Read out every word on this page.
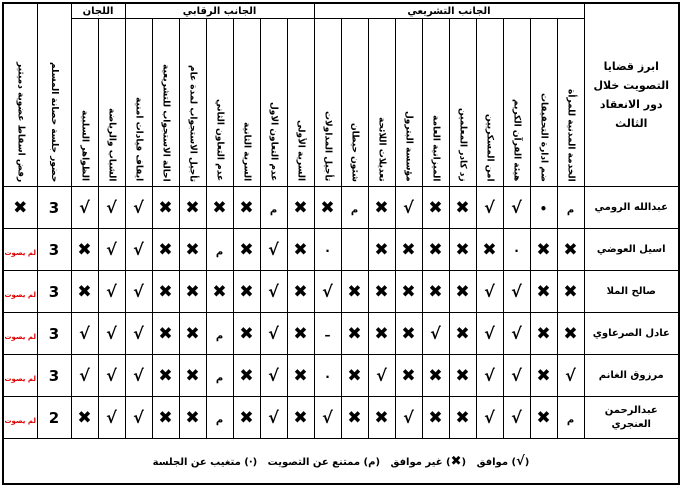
ابرز قضايا التصويت خلال دور الانعقاد الثالث	الجانب التشريعي										الجانب الرقابي							اللجان		حضور جلسة حصانة المسلم	رفض اسقاط عضوية دميثير
	الخدمة المدنية للمرأة	ضم ادارة التحقيقات	هيئة القرآن الكريم	امن المسكريين	زد كادر المعلمين	الميزانية العامة	مؤسسة البترول	تعديلات اللائحة	شئون حيطان	تأجيل المداولات	السرية الأولى	عدم التعاون الاول	السرية الثانية	عدم التعاون الثاني	تأجيل الاستجواب لمدة عام	احالة الاستجواب للتشريعية	ايقاف قيادات امنية	الشباب والرياضة	الظواهر السلبية		
عبدالله الرومي	م	•	√	√	✖	✖	√	✖	م	✖	✖	م	✖	✖	✖	✖	√	√	√	3	✖
اسيل العوضي	✖	✖	·	✖	✖	✖	✖	✖		·	✖	√	✖	م	✖	✖	√	√	✖	3	لم يصوت
صالح الملا	✖	✖	√	√	✖	✖	✖	✖	✖	√	✖	√	✖	✖	✖	✖	√	√	✖	3	لم يصوت
عادل الصرعاوي	✖	✖	√	√	✖	√	✖	✖	✖	–	✖	√	✖	م	✖	✖	√	√	√	3	لم يصوت
مرزوق الغانم	√	✖	√	√	✖	✖	✖	√	✖	·	✖	√	✖	م	✖	✖	√	√	√	3	لم يصوت
عبدالرحمن العنجري	م	✖	√	√	✖	✖	√	✖	✖	√	✖	√	✖	م	✖	✖	√	√	✖	2	لم يصوت

(√) موافق   (✖) غير موافق   (م) ممتنع عن التصويت   (·) متغيب عن الجلسة																					
